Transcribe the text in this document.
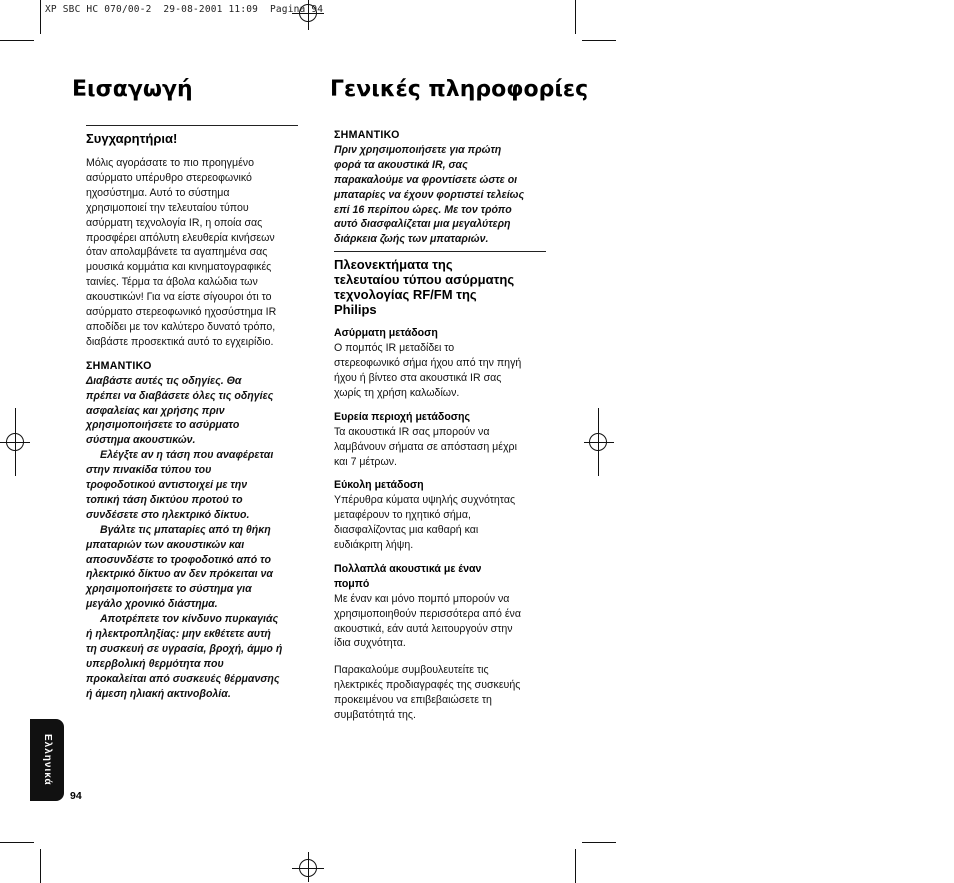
XP SBC HC 070/00-2  29-08-2001 11:09  Pagina 94
Εισαγωγή	Γενικές πληροφορίες
Συγχαρητήρια!
Μόλις αγοράσατε το πιο προηγμένο
ασύρματο υπέρυθρο στερεοφωνικό
ηχοσύστημα. Αυτό το σύστημα
χρησιμοποιεί την τελευταίου τύπου
ασύρματη τεχνολογία IR, η οποία σας
προσφέρει απόλυτη ελευθερία κινήσεων
όταν απολαμβάνετε τα αγαπημένα σας
μουσικά κομμάτια και κινηματογραφικές
ταινίες. Τέρμα τα άβολα καλώδια των
ακουστικών! Για να είστε σίγουροι ότι το
ασύρματο στερεοφωνικό ηχοσύστημα IR
αποδίδει με τον καλύτερο δυνατό τρόπο,
διαβάστε προσεκτικά αυτό το εγχειρίδιο.
ΣΗΜΑΝΤΙΚΟ
Διαβάστε αυτές τις οδηγίες. Θα
πρέπει να διαβάσετε όλες τις οδηγίες
ασφαλείας και χρήσης πριν
χρησιμοποιήσετε το ασύρματο
σύστημα ακουστικών.
Ελέγξτε αν η τάση που αναφέρεται
στην πινακίδα τύπου του
τροφοδοτικού αντιστοιχεί με την
τοπική τάση δικτύου προτού το
συνδέσετε στο ηλεκτρικό δίκτυο.
Βγάλτε τις μπαταρίες από τη θήκη
μπαταριών των ακουστικών και
αποσυνδέστε το τροφοδοτικό από το
ηλεκτρικό δίκτυο αν δεν πρόκειται να
χρησιμοποιήσετε το σύστημα για
μεγάλο χρονικό διάστημα.
Αποτρέπετε τον κίνδυνο πυρκαγιάς
ή ηλεκτροπληξίας: μην εκθέτετε αυτή
τη συσκευή σε υγρασία, βροχή, άμμο ή
υπερβολική θερμότητα που
προκαλείται από συσκευές θέρμανσης
ή άμεση ηλιακή ακτινοβολία.
ΣΗΜΑΝΤΙΚΟ
Πριν χρησιμοποιήσετε για πρώτη
φορά τα ακουστικά IR, σας
παρακαλούμε να φροντίσετε ώστε οι
μπαταρίες να έχουν φορτιστεί τελείως
επί 16 περίπου ώρες. Με τον τρόπο
αυτό διασφαλίζεται μια μεγαλύτερη
διάρκεια ζωής των μπαταριών.
Πλεονεκτήματα της
τελευταίου τύπου ασύρματης
τεχνολογίας RF/FM της
Philips
Ασύρματη μετάδοση
Ο πομπός IR μεταδίδει το
στερεοφωνικό σήμα ήχου από την πηγή
ήχου ή βίντεο στα ακουστικά IR σας
χωρίς τη χρήση καλωδίων.
Ευρεία περιοχή μετάδοσης
Τα ακουστικά IR σας μπορούν να
λαμβάνουν σήματα σε απόσταση μέχρι
και 7 μέτρων.
Εύκολη μετάδοση
Υπέρυθρα κύματα υψηλής συχνότητας
μεταφέρουν το ηχητικό σήμα,
διασφαλίζοντας μια καθαρή και
ευδιάκριτη λήψη.
Πολλαπλά ακουστικά με έναν
πομπό
Με έναν και μόνο πομπό μπορούν να
χρησιμοποιηθούν περισσότερα από ένα
ακουστικά, εάν αυτά λειτουργούν στην
ίδια συχνότητα.
Παρακαλούμε συμβουλευτείτε τις
ηλεκτρικές προδιαγραφές της συσκευής
προκειμένου να επιβεβαιώσετε τη
συμβατότητά της.
Ελληνικά
94
